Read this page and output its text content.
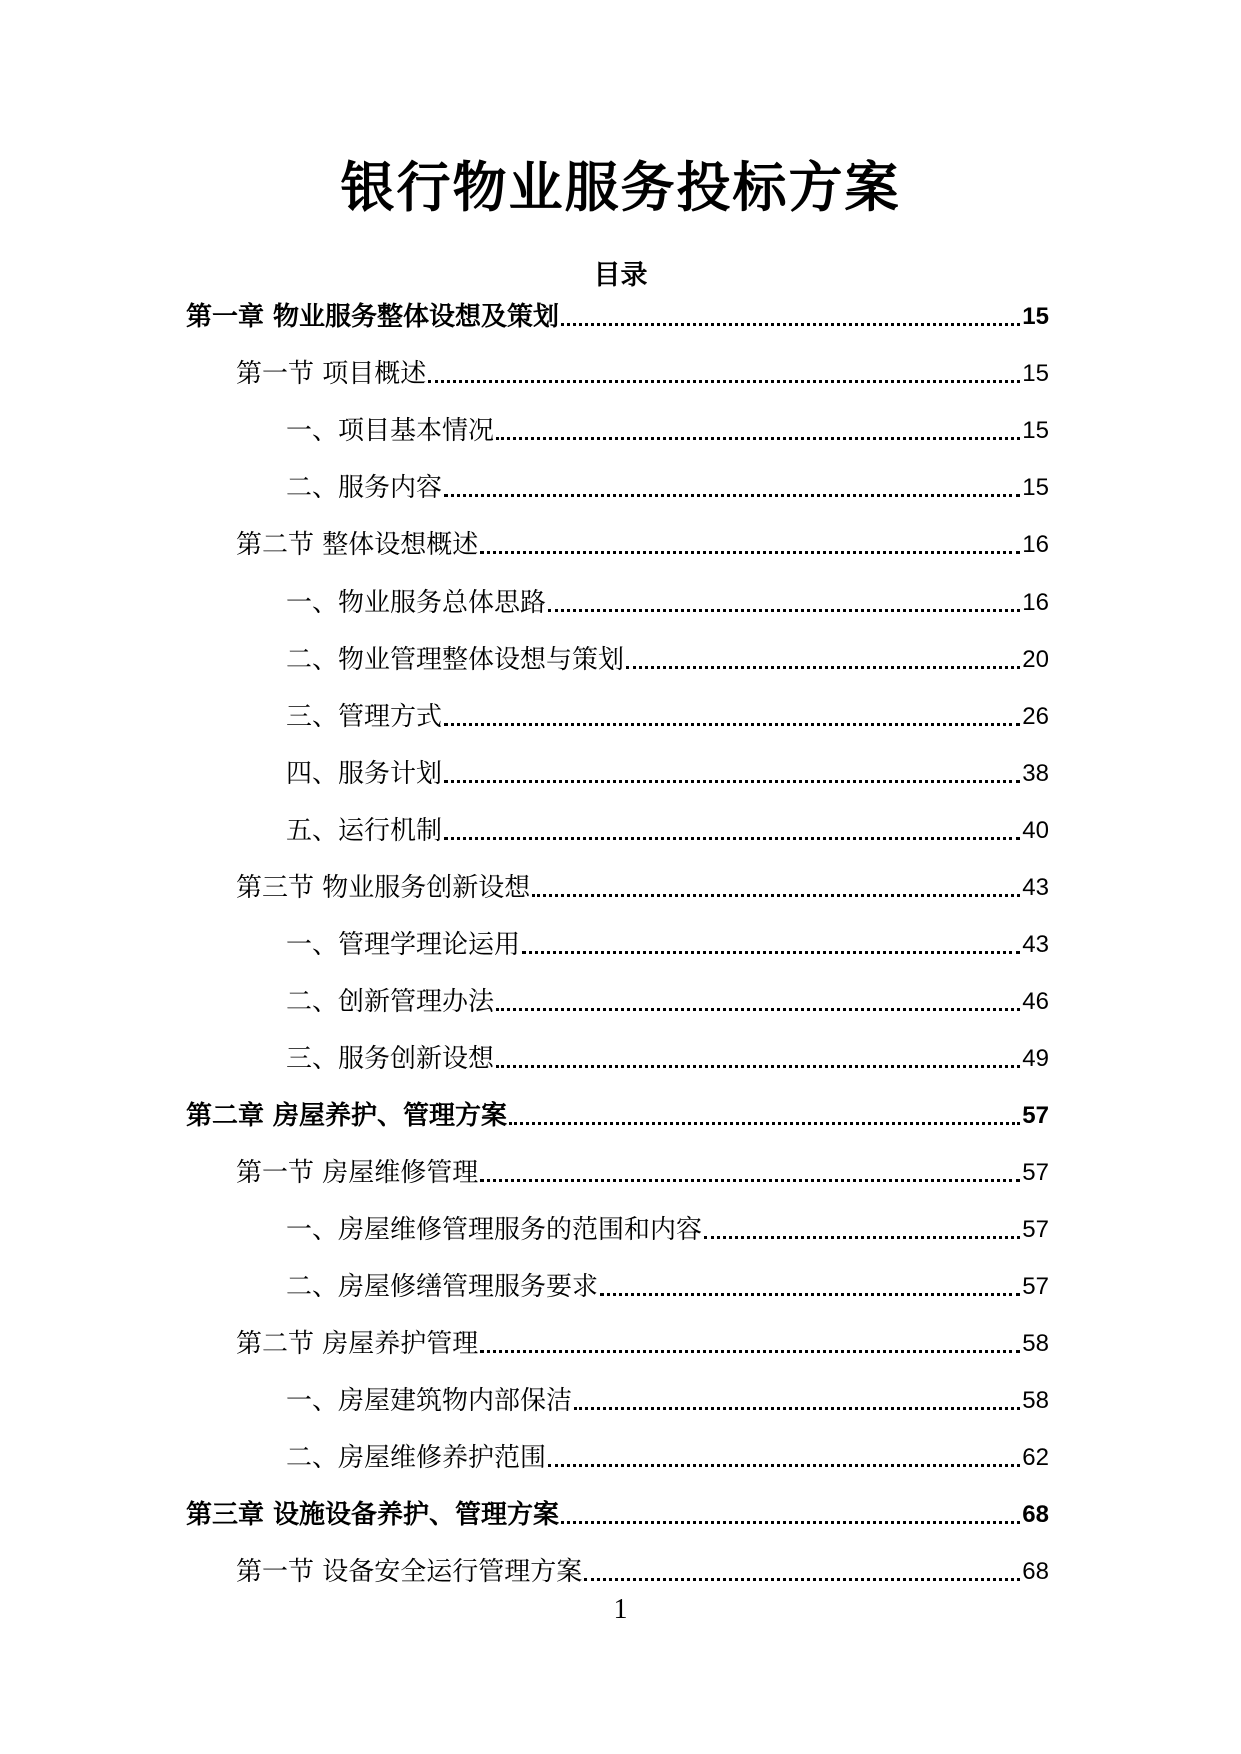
银行物业服务投标方案
目录
第一章 物业服务整体设想及策划	15
第一节 项目概述	15
一、项目基本情况	15
二、服务内容	15
第二节 整体设想概述	16
一、物业服务总体思路	16
二、物业管理整体设想与策划	20
三、管理方式	26
四、服务计划	38
五、运行机制	40
第三节 物业服务创新设想	43
一、管理学理论运用	43
二、创新管理办法	46
三、服务创新设想	49
第二章 房屋养护、管理方案	57
第一节 房屋维修管理	57
一、房屋维修管理服务的范围和内容	57
二、房屋修缮管理服务要求	57
第二节 房屋养护管理	58
一、房屋建筑物内部保洁	58
二、房屋维修养护范围	62
第三章 设施设备养护、管理方案	68
第一节 设备安全运行管理方案	68
1
